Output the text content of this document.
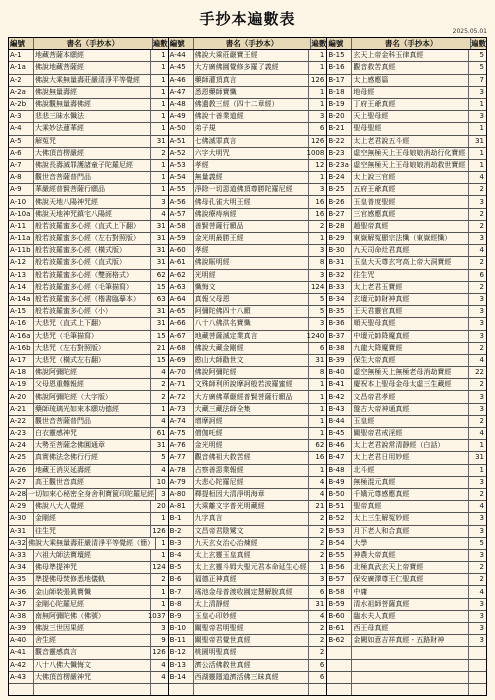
手抄本遍數表
2025.05.01
編號	書名（手抄本）	遍數
A-1	地藏菩薩本願經	1
A-1a	佛說地藏菩薩經	1
A-2	佛說大乘無量壽莊嚴清淨平等覺經	1
A-2a	佛說無量壽經	1
A-2b	佛說觀無量壽佛經	1
A-3	悲悲三昧水懺法	1
A-4	大乘妙法蓮華經	1
A-5	解冤咒	31
A-6	大佛頂首楞嚴經	2
A-7	佛說長壽滅罪護諸童子陀羅尼經	1
A-8	觀世音菩薩普門品	1
A-9	華嚴經普賢菩薩行願品	1
A-10	佛說天地八陽神咒經	3
A-10a 佛說天地神咒鎮宅八陽經	4
A-11	般若波羅蜜多心經（直式上下翻）	31
A-11a 般若波羅蜜多心經（左右對照版）	31
A-11b 般若波羅蜜多心經（橫式版）	31
A-12	般若波羅蜜多心經（直式版）	31
A-13	般若波羅蜜多心經（雙面格式）	62
A-14	般若波羅蜜多心經（毛筆描寫）	15
A-14a 般若波羅蜜多心經（楷書臨摹本）	63
A-15	般若波羅蜜多心經（小）	31
A-16	大悲咒（直式上下翻）	31
A-16a 大悲咒（毛筆描寫）	15
A-16b 大悲咒（左右對照版）	21
A-17	大悲咒（橫式左右翻）	15
A-18	佛說阿彌陀經	4
A-19	父母恩重難報經	2
A-20	佛說阿彌陀經（大字版）	2
A-21	藥師琉璃光如來本願功德經	1
A-22	觀世音菩薩普門品	4
A-23	白衣靈感神咒	61
A-24	大勢至菩薩念佛圓通章	31
A-25	真實佛法念佛行行經	5
A-26	地藏王消災延壽經	4
A-27	高王觀世音真經	10
A-28 一切如來心秘密全身舍利寶篋印陀羅尼經	3
A-29	佛說八大人覺經	20
A-30	金剛經	1
A-31	往生咒	126
A-32 佛說大乘無量壽莊嚴清淨平等覺經（簡）	1
A-33	六祖大師法寶壇經	1
A-34	佛母準提神咒	124
A-35	準提佛母焚修悉地儀軌	2
A-36	金山師裝張眞寶懺	1
A-37	金剛心陀羅尼經	1
A-38	南無阿彌陀佛（佛號）	1037
A-39	佛說三世因果經	3
A-40	舍生經	9
A-41	觀音靈感真言	126
A-42	八十八佛大懺悔文	4
A-43	大佛頂首楞嚴神咒	4
編號	書名（手抄本）	遍數
A-44	佛說大乘莊嚴寶王經	1
A-45	大方廣佛圓覺修多羅了義經	1
A-46	藥師灌頂真言	126
A-47	悉恩藥師寶懺	1
A-48	佛遺教三經（四十二章經）	1
A-49	佛說十善業道經	3
A-50	弟子規	6
A-51	七佛滅罪真言	126
A-52	六字大明咒	1008
A-53	孝經	12
A-54	無量義經	1
A-55	淨除一切惡道佛頂尊勝陀羅尼經	3
A-56	佛母孔雀大明王經	16
A-57	佛說療痔病經	16
A-58	善賢菩薩行願品	2
A-59	金光明最勝王經	1
A-60	孝經	3
A-61	佛說賑明經	8
A-62	光明經	3
A-63	懺悔文	124
A-64	真報父母恩	5
A-65	阿彌陀佛四十八願	5
A-66	八十八佛洪名寶懺	3
A-67	地藏菩薩滅定業真言	1240
A-68	佛說大藏金剛經	6
A-69	憨山大師勸世文	31
A-70	佛說阿彌陀經	8
A-71	文殊師利所說摩訶般若波羅蜜經	1
A-72	大方廣佛華嚴經普賢菩薩行願品	1
A-73	大藏三藏法師全集	1
A-74	增摩訶經	1
A-75	僧伽吒經	1
A-76	金光明經	62
A-77	觀音佛祖大救苦經	16
A-78	占察善惡業報經	1
A-79	大悲心陀羅尼經	4
A-80	釋提桓因大清淨明海章	4
A-81	大乘離文字普光明藏經	21
B-1	九字真言	2
B-2	文昌帝君陰騭文	2
B-3	九天玄女治心治煉經	2
B-4	太上玄靈玉皇真經	2
B-5	太上玄靈斗姆大聖元君本命延生心經	1
B-6	福德正神真經	3
B-7	瑤池金母普渡收圓定慧解脫真經	6
B-8	太上清靜經	31
B-9	玉皇心印妙經	4
B-10	關聖帝君明聖經	2
B-11	關聖帝君覺世真經	2
B-12	桃園明聖真經	2
B-13	濟公活佛救世真經	6
B-14	西湖靈隱道濟活佛三昧真經	6
編號	書名（手抄本）	遍數
B-15	玄天上帝金科玉律真經	5
B-16	觀音救苦真經	5
B-17	太上感應篇	7
B-18	地母經	3
B-19	丁府王爺真經	1
B-20	天上聖母經	3
B-21	聖母聖經	1
B-22	太上老君說五斗經	31
B-23	虛空無極天上王母娘娘消劫行化寶經	1
B-23a 虛空無極天上王母娘娘消劫救世寶經	1
B-24	太上說三官經	4
B-25	五府王爺真經	2
B-26	玉皇普度聖經	3
B-27	三官感應真經	2
B-28	趙聖帝真經	2
B-29	東嶽解冤顯宗法懺（東嶽經懺）	3
B-30	九天司命灶君真經	4
B-31	玉皇大天尊玄穹高上帝大洞寶經	2
B-32	往生咒	6
B-33	太上老君玉寶經	2
B-34	玄壇元帥財神真經	3
B-35	王天君靈官真經	3
B-36	順天聖母真經	3
B-37	中壇元帥降魔真經	3
B-38	九龍大降魔寶經	2
B-39	保生大帝真經	4
B-40	虛空無極天上無極老母消劫寶經	22
B-41	慶祝本上聖母金母太虛三生藏經	2
B-42	文昌帝君孝經	3
B-43	盤古大帝神通真經	3
B-44	玉皇經	2
B-45	關聖帝君戒淫經	4
B-46	太上老君說常清靜經（白話）	1
B-47	太上老君日用妙經	31
B-48	北斗經	1
B-49	無極混元真經	3
B-50	千嬌元尊感應真經	2
B-51	聖帝真經	4
B-52	太上三生解冤妙經	3
B-53	月下老人和合真經	3
B-54	大學	5
B-55	神農大帝真經	3
B-56	北極真武玄天上帝寶經	2
B-57	保安廣澤尊王仁聖真經	2
B-58	中庸	4
B-59	清水祖師菩薩真經	3
B-60	臨水夫人真經	3
B-61	西王母真經	3
B-62	金闕如意吉祥真經 - 五路財神	3
